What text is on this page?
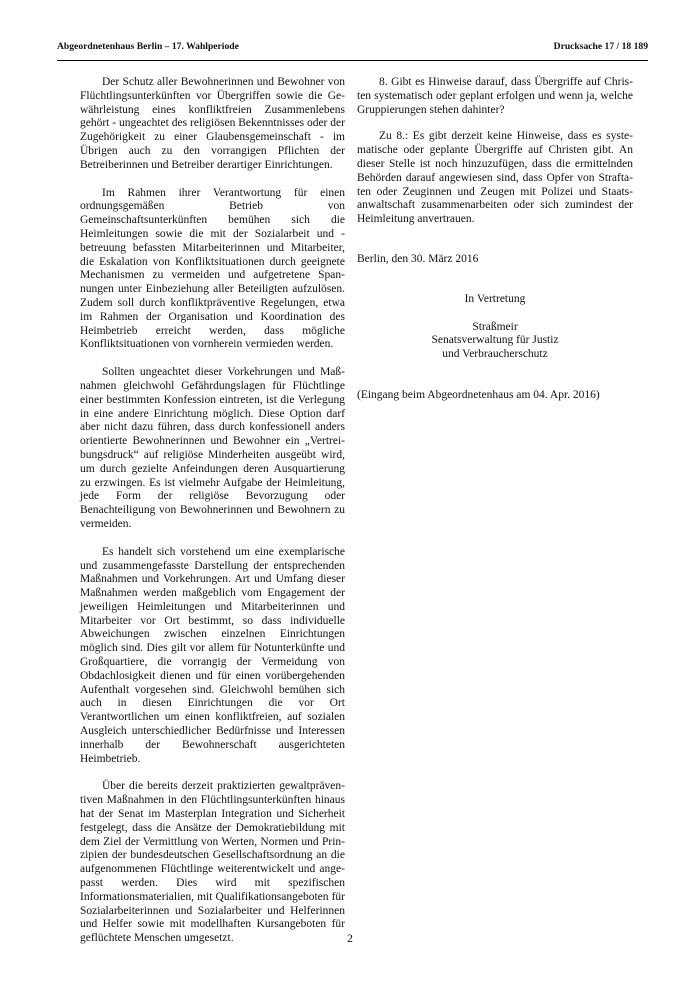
Abgeordnetenhaus Berlin – 17. Wahlperiode	Drucksache 17 / 18 189

Der Schutz aller Bewohnerinnen und Bewohner von Flüchtlingsunterkünften vor Übergriffen sowie die Gewährleistung eines konfliktfreien Zusammenlebens gehört - ungeachtet des religiösen Bekenntnisses oder der Zugehörigkeit zu einer Glaubensgemeinschaft - im Übrigen auch zu den vorrangigen Pflichten der Betreiberinnen und Betreiber derartiger Einrichtungen.

Im Rahmen ihrer Verantwortung für einen ordnungsgemäßen Betrieb von Gemeinschaftsunterkünften bemühen sich die Heimleitungen sowie die mit der Sozialarbeit und -betreuung befassten Mitarbeiterinnen und Mitarbeiter, die Eskalation von Konfliktsituationen durch geeignete Mechanismen zu vermeiden und aufgetretene Spannungen unter Einbeziehung aller Beteiligten aufzulösen. Zudem soll durch konfliktpräventive Regelungen, etwa im Rahmen der Organisation und Koordination des Heimbetrieb erreicht werden, dass mögliche Konfliktsituationen von vornherein vermieden werden.

Sollten ungeachtet dieser Vorkehrungen und Maßnahmen gleichwohl Gefährdungslagen für Flüchtlinge einer bestimmten Konfession eintreten, ist die Verlegung in eine andere Einrichtung möglich. Diese Option darf aber nicht dazu führen, dass durch konfessionell anders orientierte Bewohnerinnen und Bewohner ein „Vertreibungsdruck“ auf religiöse Minderheiten ausgeübt wird, um durch gezielte Anfeindungen deren Ausquartierung zu erzwingen. Es ist vielmehr Aufgabe der Heimleitung, jede Form der religiöse Bevorzugung oder Benachteiligung von Bewohnerinnen und Bewohnern zu vermeiden.

Es handelt sich vorstehend um eine exemplarische und zusammengefasste Darstellung der entsprechenden Maßnahmen und Vorkehrungen. Art und Umfang dieser Maßnahmen werden maßgeblich vom Engagement der jeweiligen Heimleitungen und Mitarbeiterinnen und Mitarbeiter vor Ort bestimmt, so dass individuelle Abweichungen zwischen einzelnen Einrichtungen möglich sind. Dies gilt vor allem für Notunterkünfte und Großquartiere, die vorrangig der Vermeidung von Obdachlosigkeit dienen und für einen vorübergehenden Aufenthalt vorgesehen sind. Gleichwohl bemühen sich auch in diesen Einrichtungen die vor Ort Verantwortlichen um einen konfliktfreien, auf sozialen Ausgleich unterschiedlicher Bedürfnisse und Interessen innerhalb der Bewohnerschaft ausgerichteten Heimbetrieb.

Über die bereits derzeit praktizierten gewaltpräventiven Maßnahmen in den Flüchtlingsunterkünften hinaus hat der Senat im Masterplan Integration und Sicherheit festgelegt, dass die Ansätze der Demokratiebildung mit dem Ziel der Vermittlung von Werten, Normen und Prinzipien der bundesdeutschen Gesellschaftsordnung an die aufgenommenen Flüchtlinge weiterentwickelt und angepasst werden. Dies wird mit spezifischen Informationsmaterialien, mit Qualifikationsangeboten für Sozialarbeiterinnen und Sozialarbeiter und Helferinnen und Helfer sowie mit modellhaften Kursangeboten für geflüchtete Menschen umgesetzt.

8. Gibt es Hinweise darauf, dass Übergriffe auf Christen systematisch oder geplant erfolgen und wenn ja, welche Gruppierungen stehen dahinter?

Zu 8.: Es gibt derzeit keine Hinweise, dass es systematische oder geplante Übergriffe auf Christen gibt. An dieser Stelle ist noch hinzuzufügen, dass die ermittelnden Behörden darauf angewiesen sind, dass Opfer von Straftaten oder Zeuginnen und Zeugen mit Polizei und Staatsanwaltschaft zusammenarbeiten oder sich zumindest der Heimleitung anvertrauen.

Berlin, den 30. März 2016

In Vertretung
Straßmeir
Senatsverwaltung für Justiz
und Verbraucherschutz

(Eingang beim Abgeordnetenhaus am 04. Apr. 2016)

2
